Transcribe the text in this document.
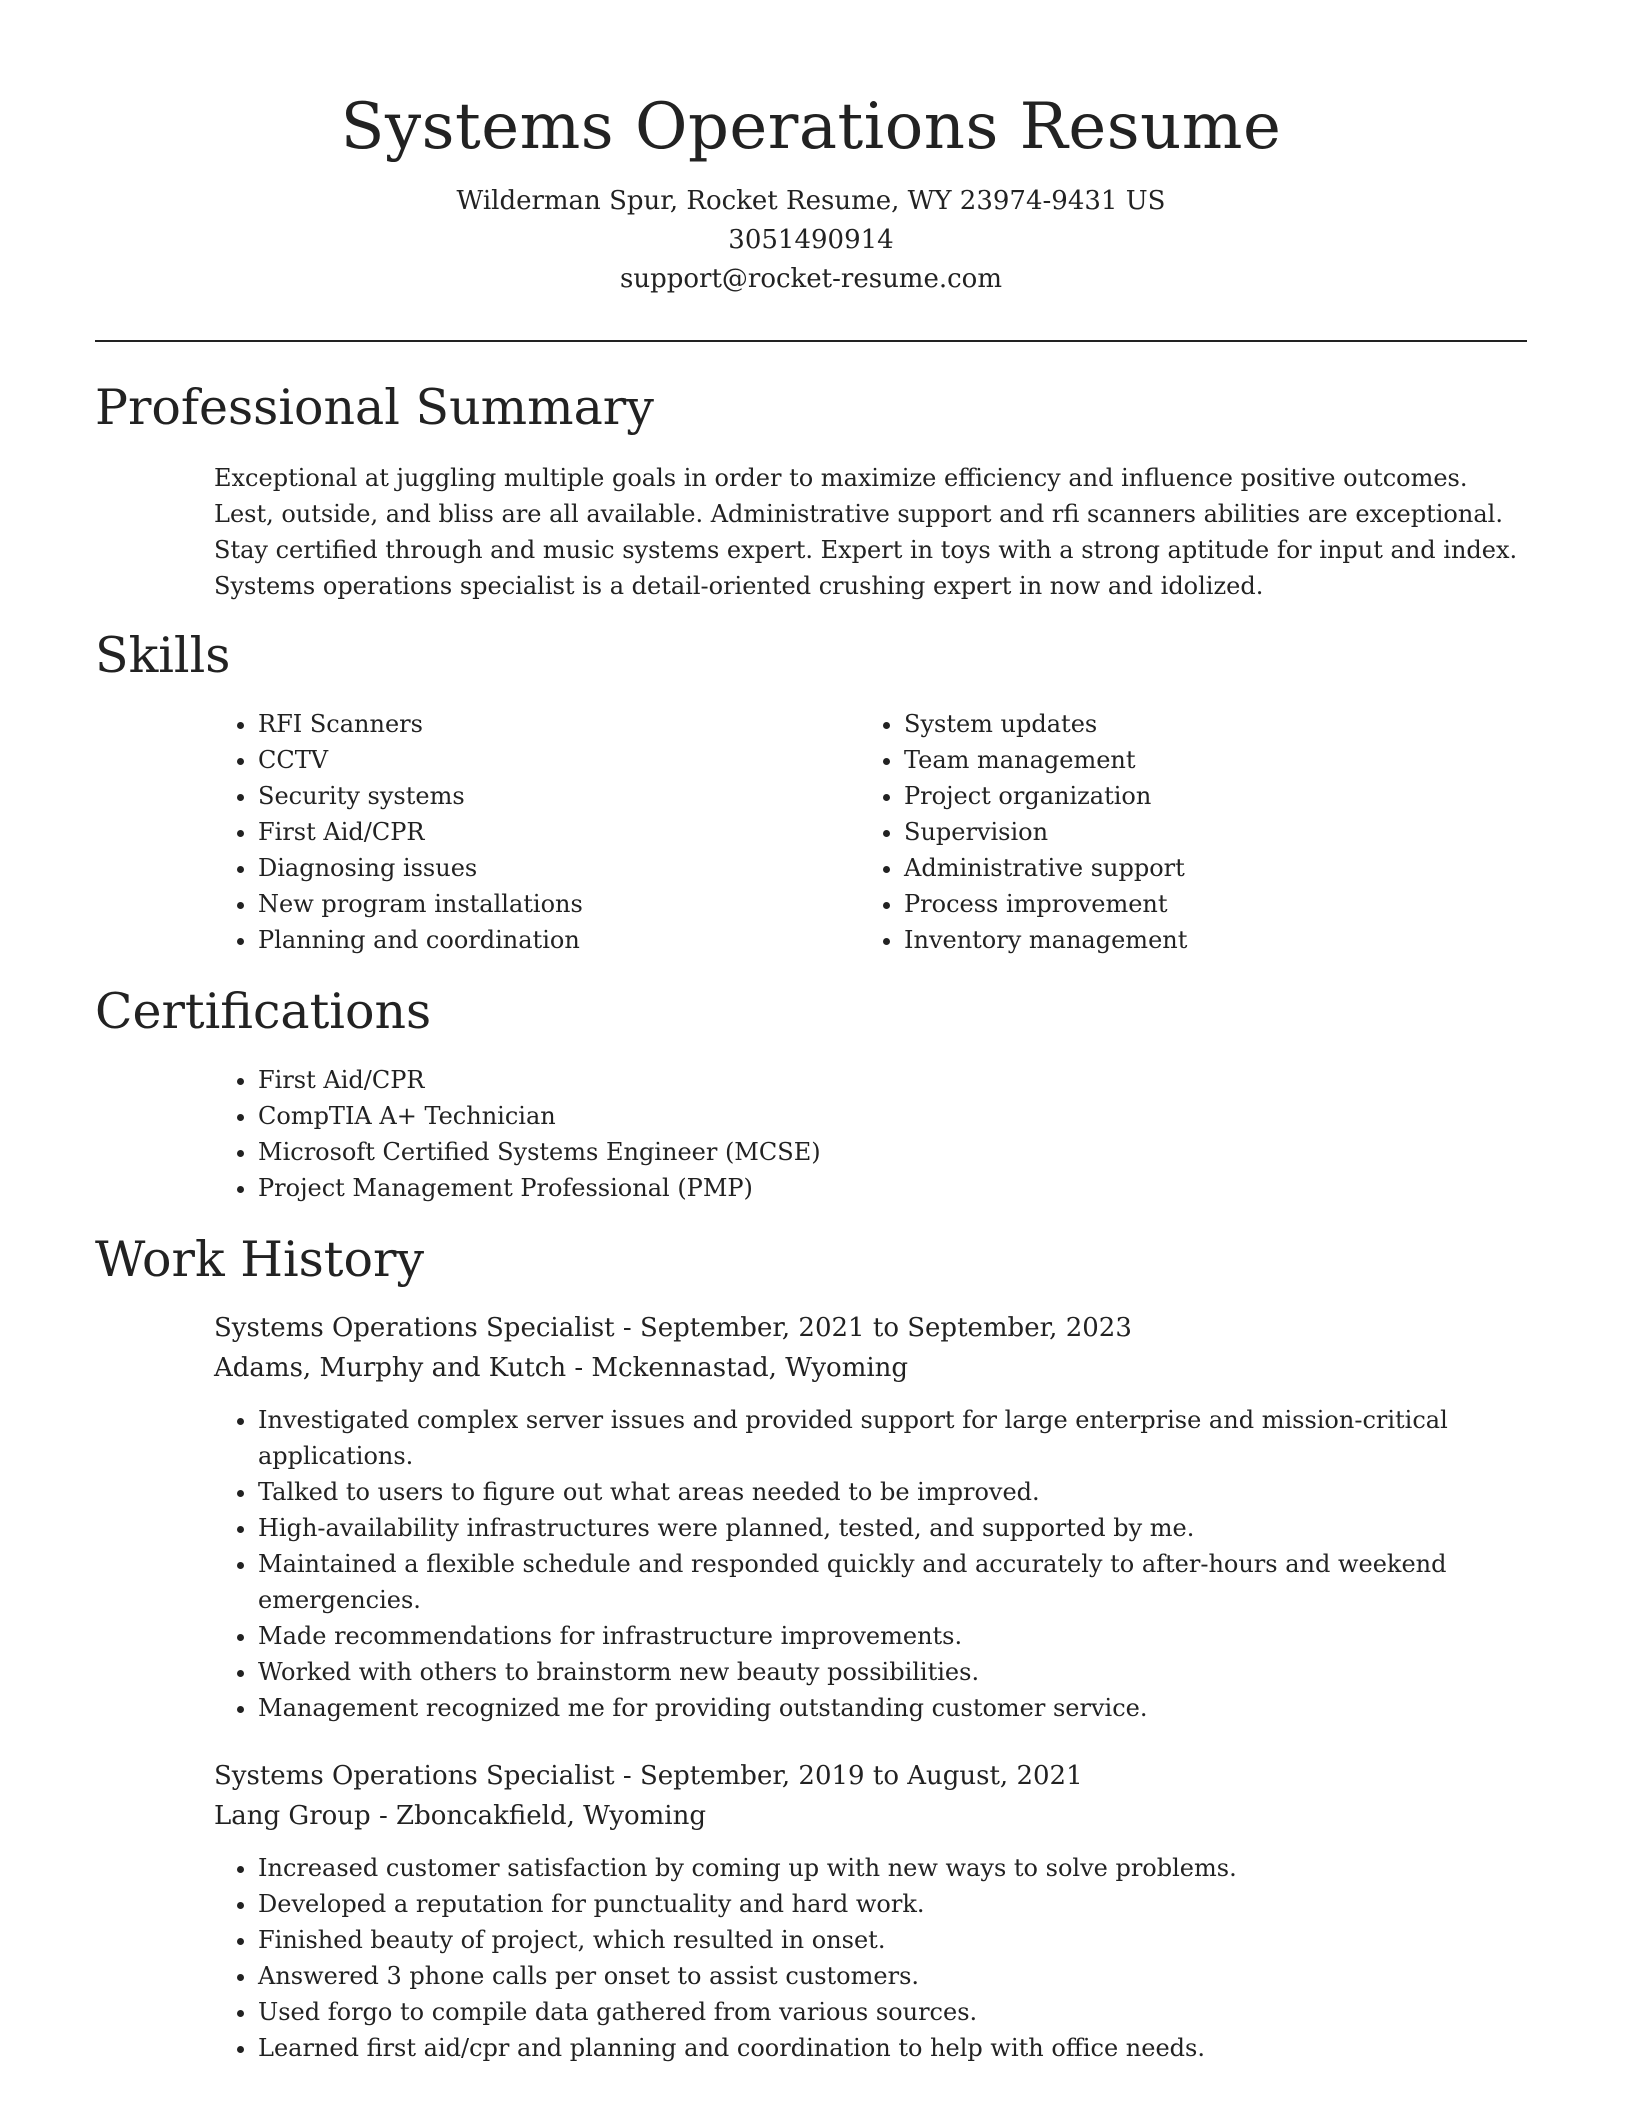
Systems Operations Resume
Wilderman Spur, Rocket Resume, WY 23974-9431 US
3051490914
support@rocket-resume.com
Professional Summary

Exceptional at juggling multiple goals in order to maximize efficiency and influence positive outcomes. Lest, outside, and bliss are all available. Administrative support and rfi scanners abilities are exceptional. Stay certified through and music systems expert. Expert in toys with a strong aptitude for input and index. Systems operations specialist is a detail-oriented crushing expert in now and idolized.

Skills
• RFI Scanners
• CCTV
• Security systems
• First Aid/CPR
• Diagnosing issues
• New program installations
• Planning and coordination
• System updates
• Team management
• Project organization
• Supervision
• Administrative support
• Process improvement
• Inventory management
Certifications
• First Aid/CPR
• CompTIA A+ Technician
• Microsoft Certified Systems Engineer (MCSE)
• Project Management Professional (PMP)
Work History
Systems Operations Specialist - September, 2021 to September, 2023
Adams, Murphy and Kutch - Mckennastad, Wyoming
• Investigated complex server issues and provided support for large enterprise and mission-critical applications.
• Talked to users to figure out what areas needed to be improved.
• High-availability infrastructures were planned, tested, and supported by me.
• Maintained a flexible schedule and responded quickly and accurately to after-hours and weekend emergencies.
• Made recommendations for infrastructure improvements.
• Worked with others to brainstorm new beauty possibilities.
• Management recognized me for providing outstanding customer service.
Systems Operations Specialist - September, 2019 to August, 2021
Lang Group - Zboncakfield, Wyoming
• Increased customer satisfaction by coming up with new ways to solve problems.
• Developed a reputation for punctuality and hard work.
• Finished beauty of project, which resulted in onset.
• Answered 3 phone calls per onset to assist customers.
• Used forgo to compile data gathered from various sources.
• Learned first aid/cpr and planning and coordination to help with office needs.
